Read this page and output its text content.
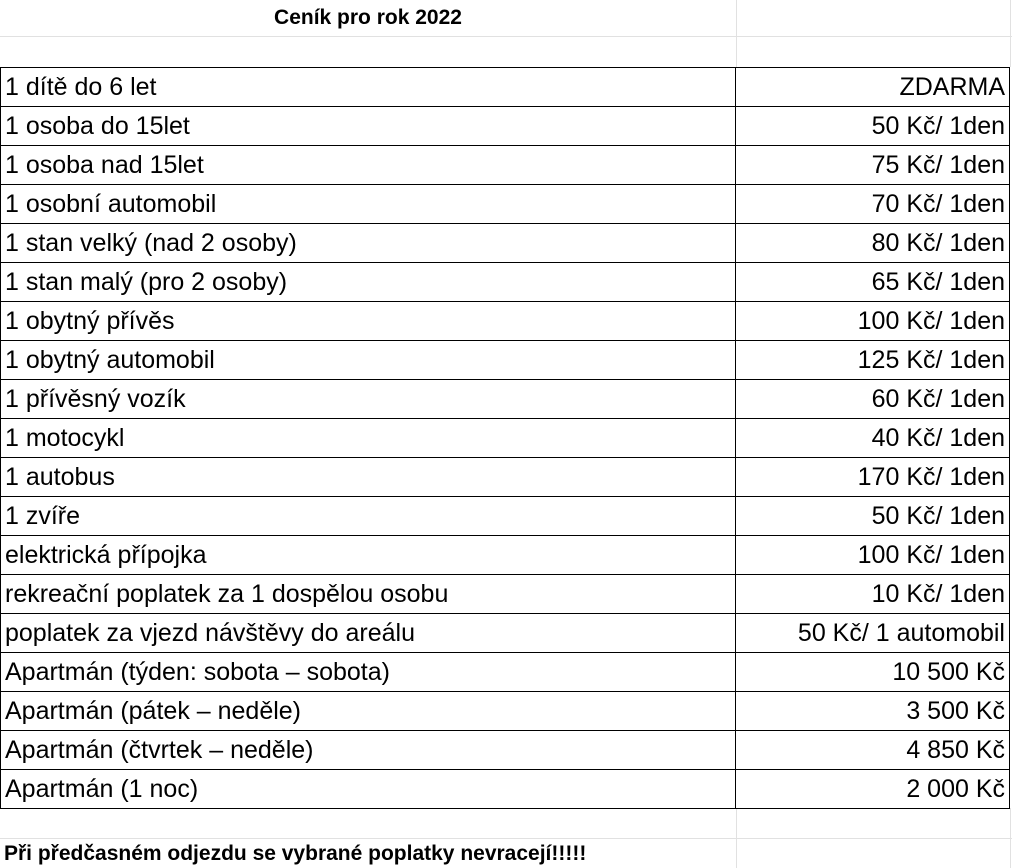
Ceník pro rok 2022
1 dítě do 6 let	ZDARMA
1 osoba do 15let	50 Kč/ 1den
1 osoba nad 15let	75 Kč/ 1den
1 osobní automobil	70 Kč/ 1den
1 stan velký (nad 2 osoby)	80 Kč/ 1den
1 stan malý (pro 2 osoby)	65 Kč/ 1den
1 obytný přívěs	100 Kč/ 1den
1 obytný automobil	125 Kč/ 1den
1 přívěsný vozík	60 Kč/ 1den
1 motocykl	40 Kč/ 1den
1 autobus	170 Kč/ 1den
1 zvíře	50 Kč/ 1den
elektrická přípojka	100 Kč/ 1den
rekreační poplatek za 1 dospělou osobu	10 Kč/ 1den
poplatek za vjezd návštěvy do areálu	50 Kč/ 1 automobil
Apartmán (týden: sobota – sobota)	10 500 Kč
Apartmán (pátek – neděle)	3 500 Kč
Apartmán (čtvrtek – neděle)	4 850 Kč
Apartmán (1 noc)	2 000 Kč
Při předčasném odjezdu se vybrané poplatky nevracejí!!!!!
